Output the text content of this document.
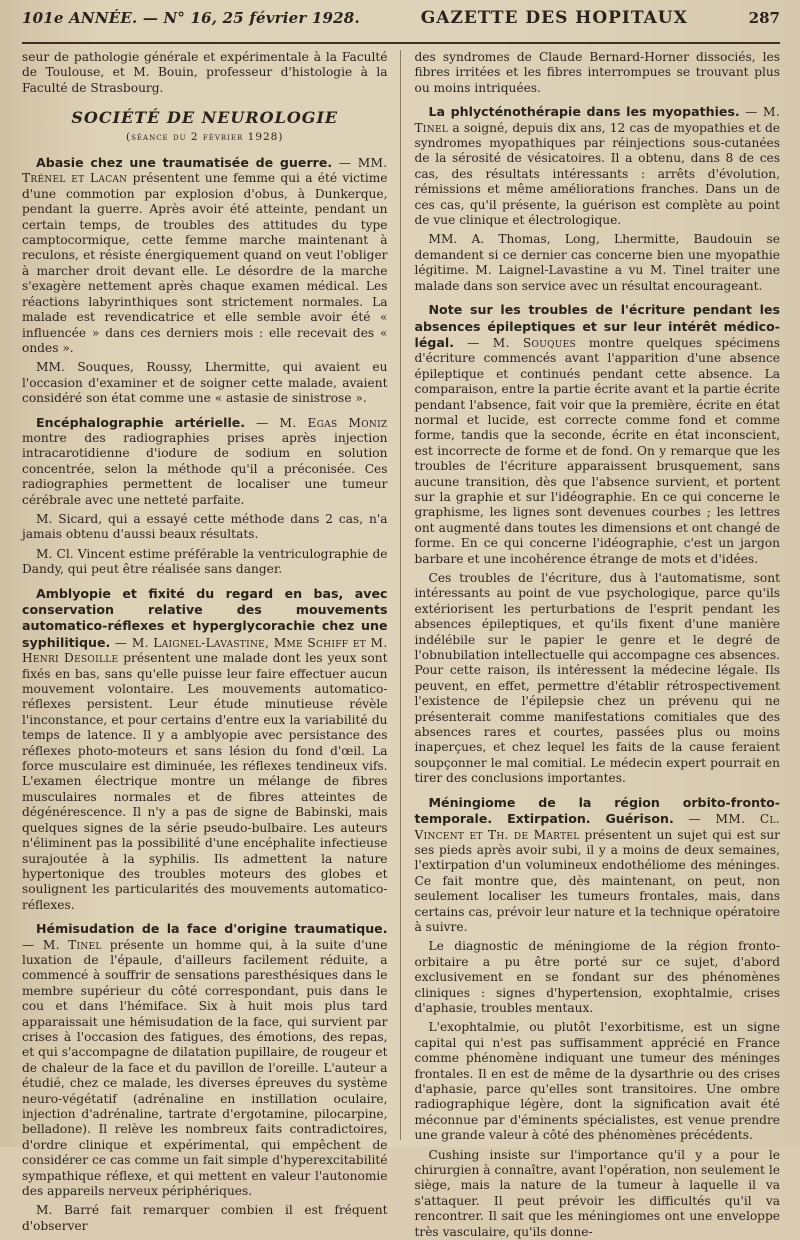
101e ANNÉE. — N° 16, 25 février 1928.	GAZETTE DES HOPITAUX	287

seur de pathologie générale et expérimentale à la Faculté de Toulouse, et M. Bouin, professeur d'histologie à la Faculté de Strasbourg.

SOCIÉTÉ DE NEUROLOGIE
(séance du 2 février 1928)

Abasie chez une traumatisée de guerre. — MM. Trénel et Lacan présentent une femme qui a été victime d'une commotion par explosion d'obus, à Dunkerque, pendant la guerre. Après avoir été atteinte, pendant un certain temps, de troubles des attitudes du type camptocormique, cette femme marche maintenant à reculons, et résiste énergiquement quand on veut l'obliger à marcher droit devant elle. Le désordre de la marche s'exagère nettement après chaque examen médical. Les réactions labyrinthiques sont strictement normales. La malade est revendicatrice et elle semble avoir été « influencée » dans ces derniers mois : elle recevait des « ondes ».

MM. Souques, Roussy, Lhermitte, qui avaient eu l'occasion d'examiner et de soigner cette malade, avaient considéré son état comme une « astasie de sinistrose ».

Encéphalographie artérielle. — M. Egas Moniz montre des radiographies prises après injection intracarotidienne d'iodure de sodium en solution concentrée, selon la méthode qu'il a préconisée. Ces radiographies permettent de localiser une tumeur cérébrale avec une netteté parfaite.

M. Sicard, qui a essayé cette méthode dans 2 cas, n'a jamais obtenu d'aussi beaux résultats.

M. Cl. Vincent estime préférable la ventriculographie de Dandy, qui peut être réalisée sans danger.

Amblyopie et fixité du regard en bas, avec conservation relative des mouvements automatico-réflexes et hyperglycorachie chez une syphilitique. — M. Laignel-Lavastine, Mme Schiff et M. Henri Desoille présentent une malade dont les yeux sont fixés en bas, sans qu'elle puisse leur faire effectuer aucun mouvement volontaire. Les mouvements automatico-réflexes persistent. Leur étude minutieuse révèle l'inconstance, et pour certains d'entre eux la variabilité du temps de latence. Il y a amblyopie avec persistance des réflexes photo-moteurs et sans lésion du fond d'œil. La force musculaire est diminuée, les réflexes tendineux vifs. L'examen électrique montre un mélange de fibres musculaires normales et de fibres atteintes de dégénérescence. Il n'y a pas de signe de Babinski, mais quelques signes de la série pseudo-bulbaire. Les auteurs n'éliminent pas la possibilité d'une encéphalite infectieuse surajoutée à la syphilis. Ils admettent la nature hypertonique des troubles moteurs des globes et soulignent les particularités des mouvements automatico-réflexes.

Hémisudation de la face d'origine traumatique. — M. Tinel présente un homme qui, à la suite d'une luxation de l'épaule, d'ailleurs facilement réduite, a commencé à souffrir de sensations paresthésiques dans le membre supérieur du côté correspondant, puis dans le cou et dans l'hémiface. Six à huit mois plus tard apparaissait une hémisudation de la face, qui survient par crises à l'occasion des fatigues, des émotions, des repas, et qui s'accompagne de dilatation pupillaire, de rougeur et de chaleur de la face et du pavillon de l'oreille. L'auteur a étudié, chez ce malade, les diverses épreuves du système neuro-végétatif (adrénaline en instillation oculaire, injection d'adrénaline, tartrate d'ergotamine, pilocarpine, belladone). Il relève les nombreux faits contradictoires, d'ordre clinique et expérimental, qui empêchent de considérer ce cas comme un fait simple d'hyperexcitabilité sympathique réflexe, et qui mettent en valeur l'autonomie des appareils nerveux périphériques.

M. Barré fait remarquer combien il est fréquent d'observer

des syndromes de Claude Bernard-Horner dissociés, les fibres irritées et les fibres interrompues se trouvant plus ou moins intriquées.

La phlycténothérapie dans les myopathies. — M. Tinel a soigné, depuis dix ans, 12 cas de myopathies et de syndromes myopathiques par réinjections sous-cutanées de la sérosité de vésicatoires. Il a obtenu, dans 8 de ces cas, des résultats intéressants : arrêts d'évolution, rémissions et même améliorations franches. Dans un de ces cas, qu'il présente, la guérison est complète au point de vue clinique et électrologique.

MM. A. Thomas, Long, Lhermitte, Baudouin se demandent si ce dernier cas concerne bien une myopathie légitime. M. Laignel-Lavastine a vu M. Tinel traiter une malade dans son service avec un résultat encourageant.

Note sur les troubles de l'écriture pendant les absences épileptiques et sur leur intérêt médico-légal. — M. Souques montre quelques spécimens d'écriture commencés avant l'apparition d'une absence épileptique et continués pendant cette absence. La comparaison, entre la partie écrite avant et la partie écrite pendant l'absence, fait voir que la première, écrite en état normal et lucide, est correcte comme fond et comme forme, tandis que la seconde, écrite en état inconscient, est incorrecte de forme et de fond. On y remarque que les troubles de l'écriture apparaissent brusquement, sans aucune transition, dès que l'absence survient, et portent sur la graphie et sur l'idéographie. En ce qui concerne le graphisme, les lignes sont devenues courbes ; les lettres ont augmenté dans toutes les dimensions et ont changé de forme. En ce qui concerne l'idéographie, c'est un jargon barbare et une incohérence étrange de mots et d'idées.

Ces troubles de l'écriture, dus à l'automatisme, sont intéressants au point de vue psychologique, parce qu'ils extériorisent les perturbations de l'esprit pendant les absences épileptiques, et qu'ils fixent d'une manière indélébile sur le papier le genre et le degré de l'obnubilation intellectuelle qui accompagne ces absences. Pour cette raison, ils intéressent la médecine légale. Ils peuvent, en effet, permettre d'établir rétrospectivement l'existence de l'épilepsie chez un prévenu qui ne présenterait comme manifestations comitiales que des absences rares et courtes, passées plus ou moins inaperçues, et chez lequel les faits de la cause feraient soupçonner le mal comitial. Le médecin expert pourrait en tirer des conclusions importantes.

Méningiome de la région orbito-fronto-temporale. Extirpation. Guérison. — MM. Cl. Vincent et Th. de Martel présentent un sujet qui est sur ses pieds après avoir subi, il y a moins de deux semaines, l'extirpation d'un volumineux endothéliome des méninges. Ce fait montre que, dès maintenant, on peut, non seulement localiser les tumeurs frontales, mais, dans certains cas, prévoir leur nature et la technique opératoire à suivre.

Le diagnostic de méningiome de la région fronto-orbitaire a pu être porté sur ce sujet, d'abord exclusivement en se fondant sur des phénomènes cliniques : signes d'hypertension, exophtalmie, crises d'aphasie, troubles mentaux.

L'exophtalmie, ou plutôt l'exorbitisme, est un signe capital qui n'est pas suffisamment apprécié en France comme phénomène indiquant une tumeur des méninges frontales. Il en est de même de la dysarthrie ou des crises d'aphasie, parce qu'elles sont transitoires. Une ombre radiographique légère, dont la signification avait été méconnue par d'éminents spécialistes, est venue prendre une grande valeur à côté des phénomènes précédents.

Cushing insiste sur l'importance qu'il y a pour le chirurgien à connaître, avant l'opération, non seulement le siège, mais la nature de la tumeur à laquelle il va s'attaquer. Il peut prévoir les difficultés qu'il va rencontrer. Il sait que les méningiomes ont une enveloppe très vasculaire, qu'ils donne-
